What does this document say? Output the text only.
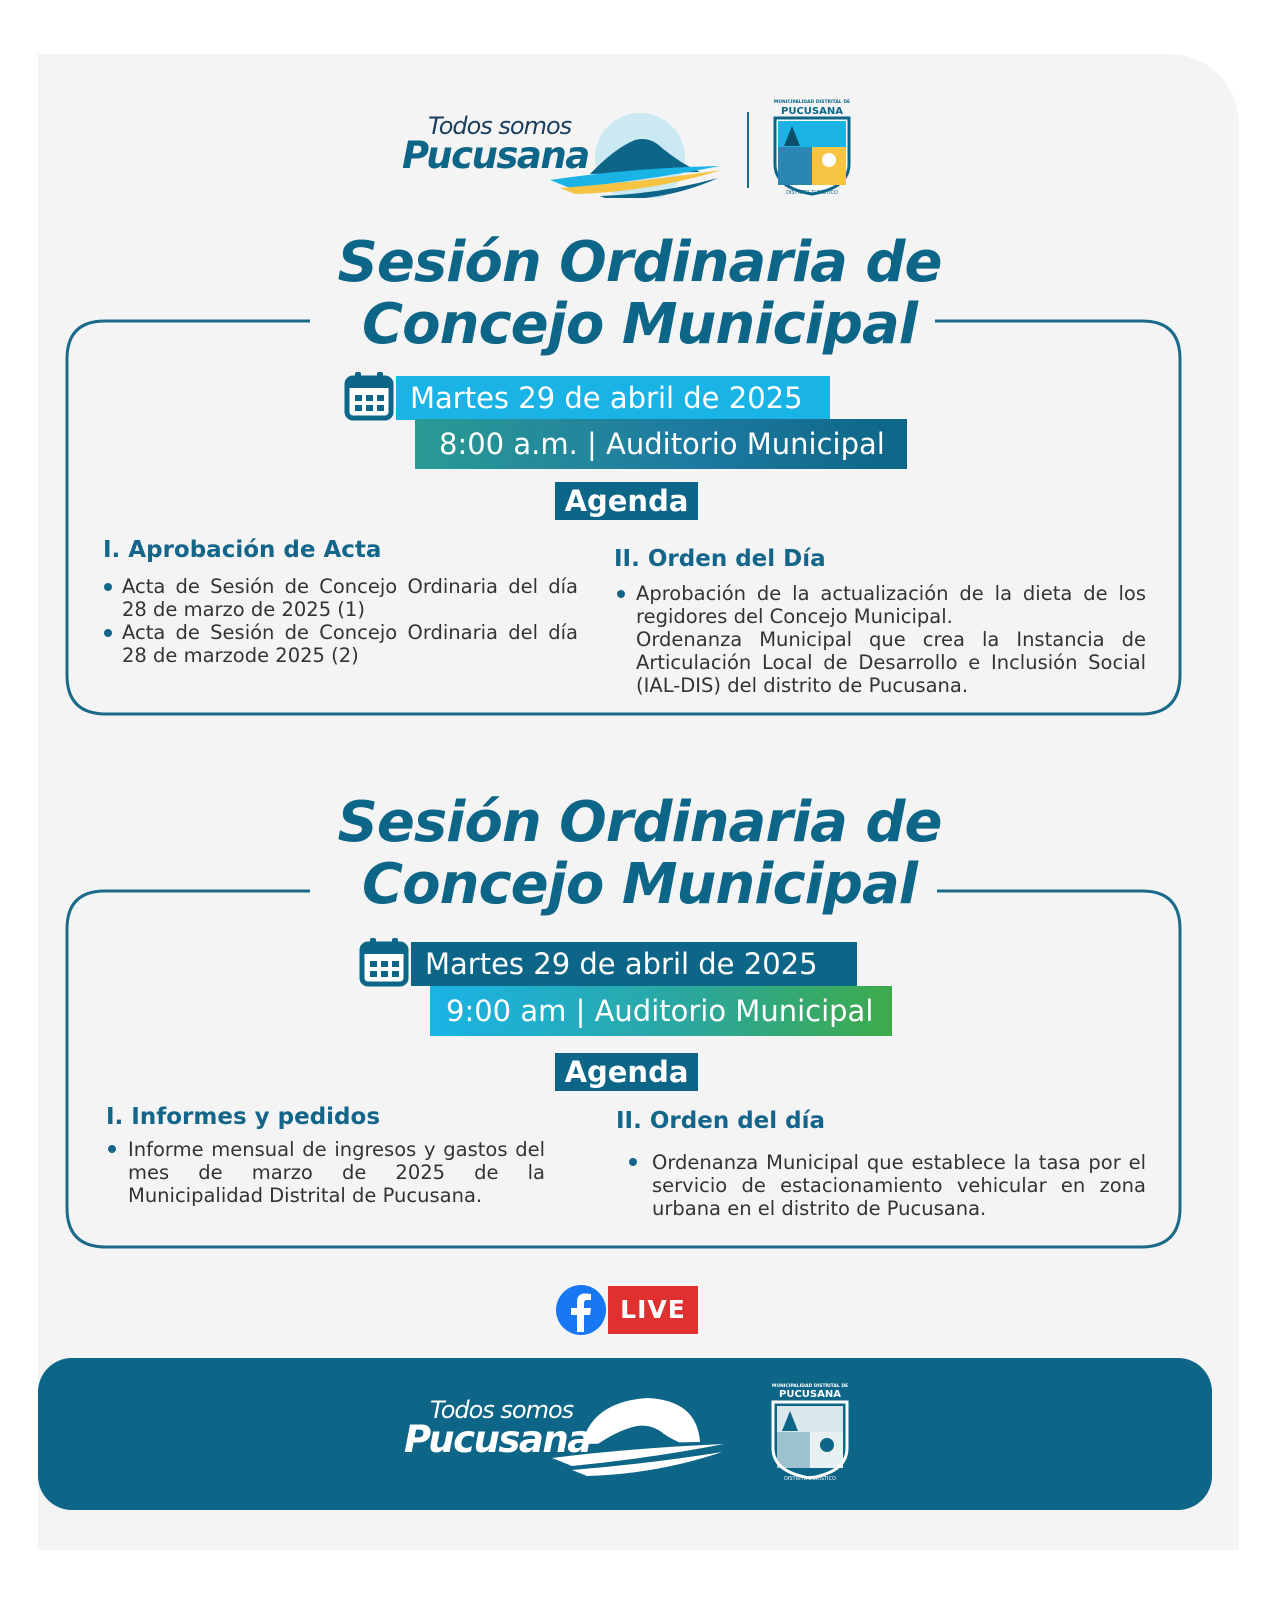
Todos somos
Pucusana
MUNICIPALIDAD DISTRITAL DE
PUCUSANA
DISTRITO TURÍSTICO
Sesión Ordinaria de
Concejo Municipal
Martes 29 de abril de 2025
8:00 a.m. | Auditorio Municipal
Agenda
I. Aprobación de Acta
Acta de Sesión de Concejo Ordinaria del día 28 de marzo de 2025 (1)
Acta de Sesión de Concejo Ordinaria del día 28 de marzode 2025 (2)
II. Orden del Día
Aprobación de la actualización de la dieta de los regidores del Concejo Municipal.
Ordenanza Municipal que crea la Instancia de Articulación Local de Desarrollo e Inclusión Social (IAL-DIS) del distrito de Pucusana.
Sesión Ordinaria de
Concejo Municipal
Martes 29 de abril de 2025
9:00 am | Auditorio Municipal
Agenda
I. Informes y pedidos
Informe mensual de ingresos y gastos del mes de marzo de 2025 de la Municipalidad Distrital de Pucusana.
II. Orden del día
Ordenanza Municipal que establece la tasa por el servicio de estacionamiento vehicular en zona urbana en el distrito de Pucusana.
LIVE
Todos somos
Pucusana
MUNICIPALIDAD DISTRITAL DE
PUCUSANA
DISTRITO TURÍSTICO
